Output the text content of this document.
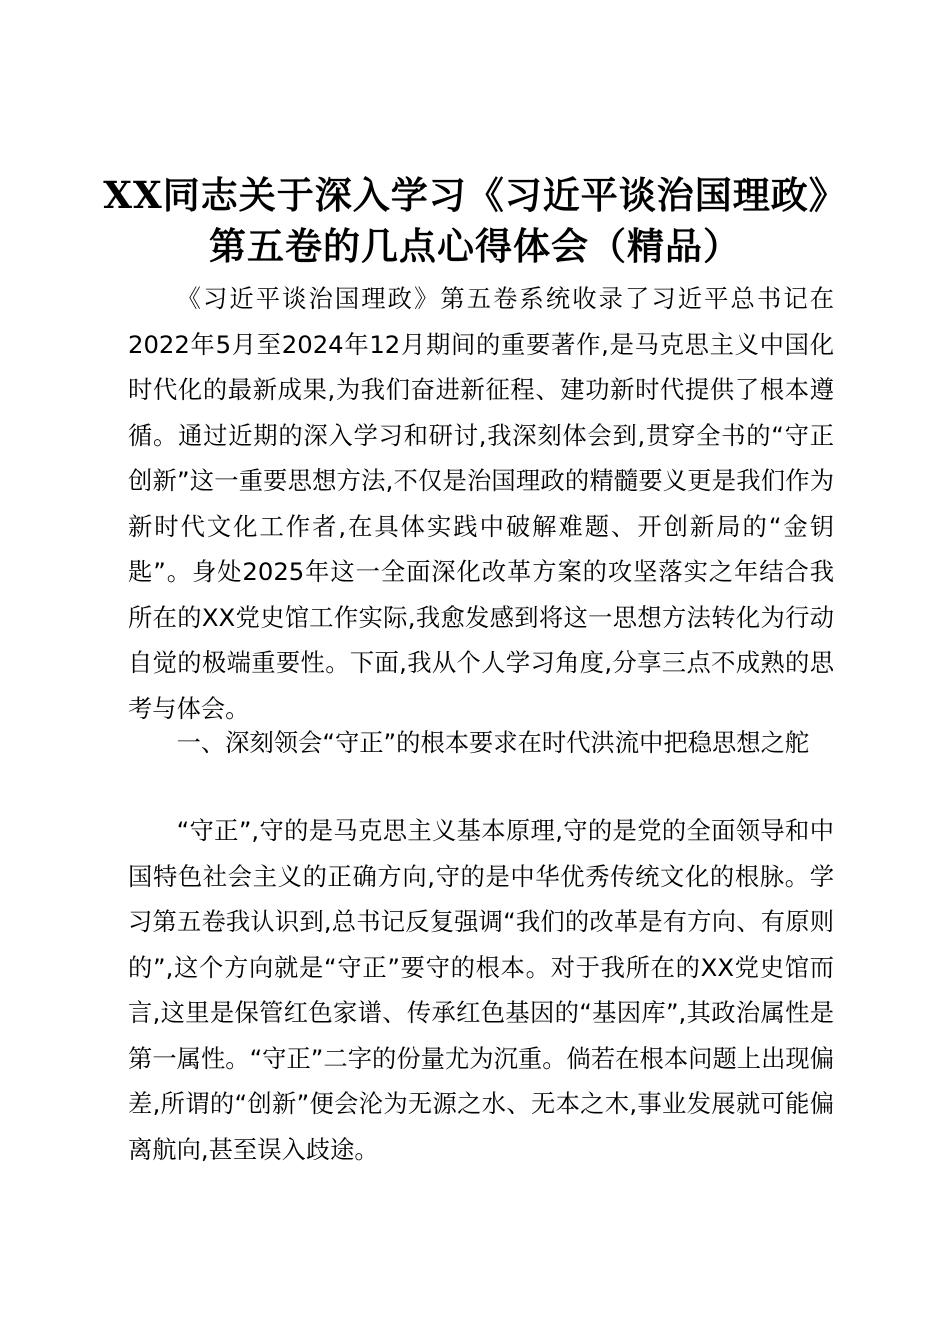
XX同志关于深入学习《习近平谈治国理政》第五卷的几点心得体会（精品）

《习近平谈治国理政》第五卷系统收录了习近平总书记在2022年5月至2024年12月期间的重要著作,是马克思主义中国化时代化的最新成果,为我们奋进新征程、建功新时代提供了根本遵循。通过近期的深入学习和研讨,我深刻体会到,贯穿全书的“守正创新”这一重要思想方法,不仅是治国理政的精髓要义更是我们作为新时代文化工作者,在具体实践中破解难题、开创新局的“金钥匙”。身处2025年这一全面深化改革方案的攻坚落实之年结合我所在的XX党史馆工作实际,我愈发感到将这一思想方法转化为行动自觉的极端重要性。下面,我从个人学习角度,分享三点不成熟的思考与体会。

一、深刻领会“守正”的根本要求在时代洪流中把稳思想之舵

“守正”,守的是马克思主义基本原理,守的是党的全面领导和中国特色社会主义的正确方向,守的是中华优秀传统文化的根脉。学习第五卷我认识到,总书记反复强调“我们的改革是有方向、有原则的”,这个方向就是“守正”要守的根本。对于我所在的XX党史馆而言,这里是保管红色家谱、传承红色基因的“基因库”,其政治属性是第一属性。“守正”二字的份量尤为沉重。倘若在根本问题上出现偏差,所谓的“创新”便会沦为无源之水、无本之木,事业发展就可能偏离航向,甚至误入歧途。
